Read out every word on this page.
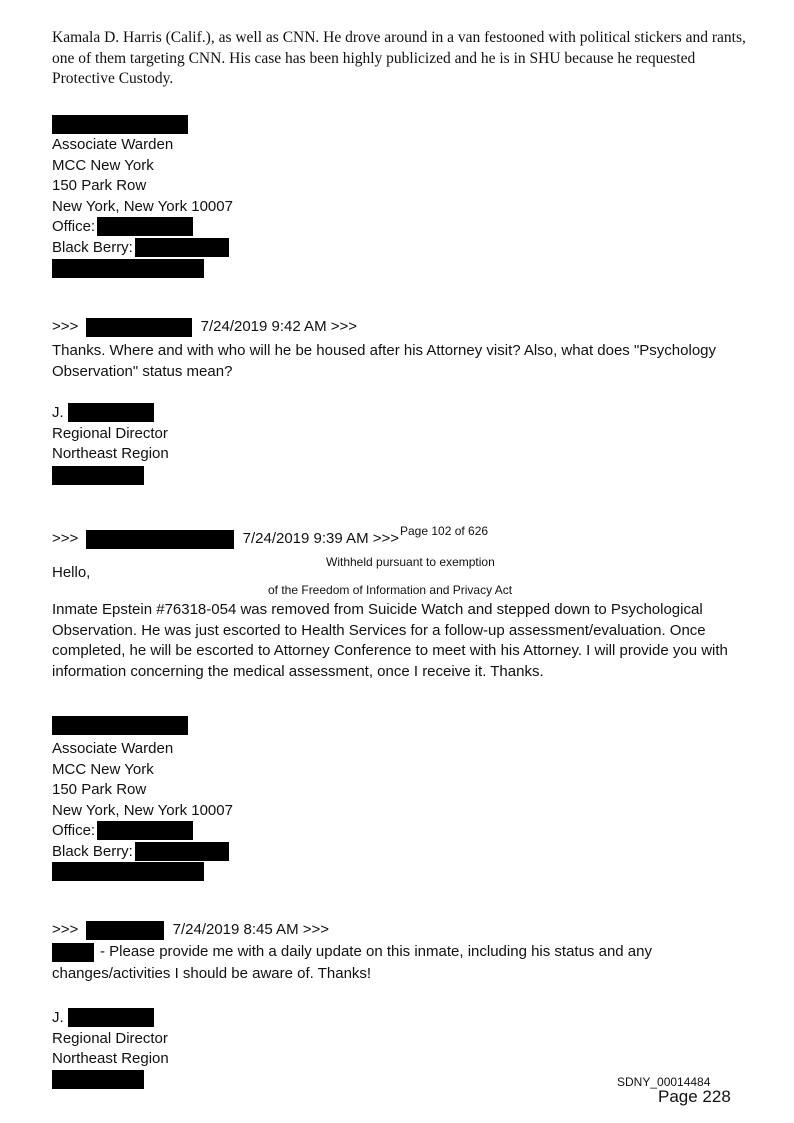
Kamala D. Harris (Calif.), as well as CNN. He drove around in a van festooned with political stickers and rants, one of them targeting CNN. His case has been highly publicized and he is in SHU because he requested Protective Custody.
Associate Warden
MCC New York
150 Park Row
New York, New York 10007
Office:
Black Berry:
>>>	7/24/2019 9:42 AM >>>
Thanks. Where and with who will he be housed after his Attorney visit? Also, what does "Psychology Observation" status mean?
J.
Regional Director
Northeast Region
>>>	7/24/2019 9:39 AM >>> Page 102 of 626
Withheld pursuant to exemption
of the Freedom of Information and Privacy Act
Hello,
Inmate Epstein #76318-054 was removed from Suicide Watch and stepped down to Psychological Observation. He was just escorted to Health Services for a follow-up assessment/evaluation. Once completed, he will be escorted to Attorney Conference to meet with his Attorney. I will provide you with information concerning the medical assessment, once I receive it. Thanks.
Associate Warden
MCC New York
150 Park Row
New York, New York 10007
Office:
Black Berry:
>>>	7/24/2019 8:45 AM >>>
- Please provide me with a daily update on this inmate, including his status and any
changes/activities I should be aware of. Thanks!
J.
Regional Director
Northeast Region
SDNY_00014484
Page 228
